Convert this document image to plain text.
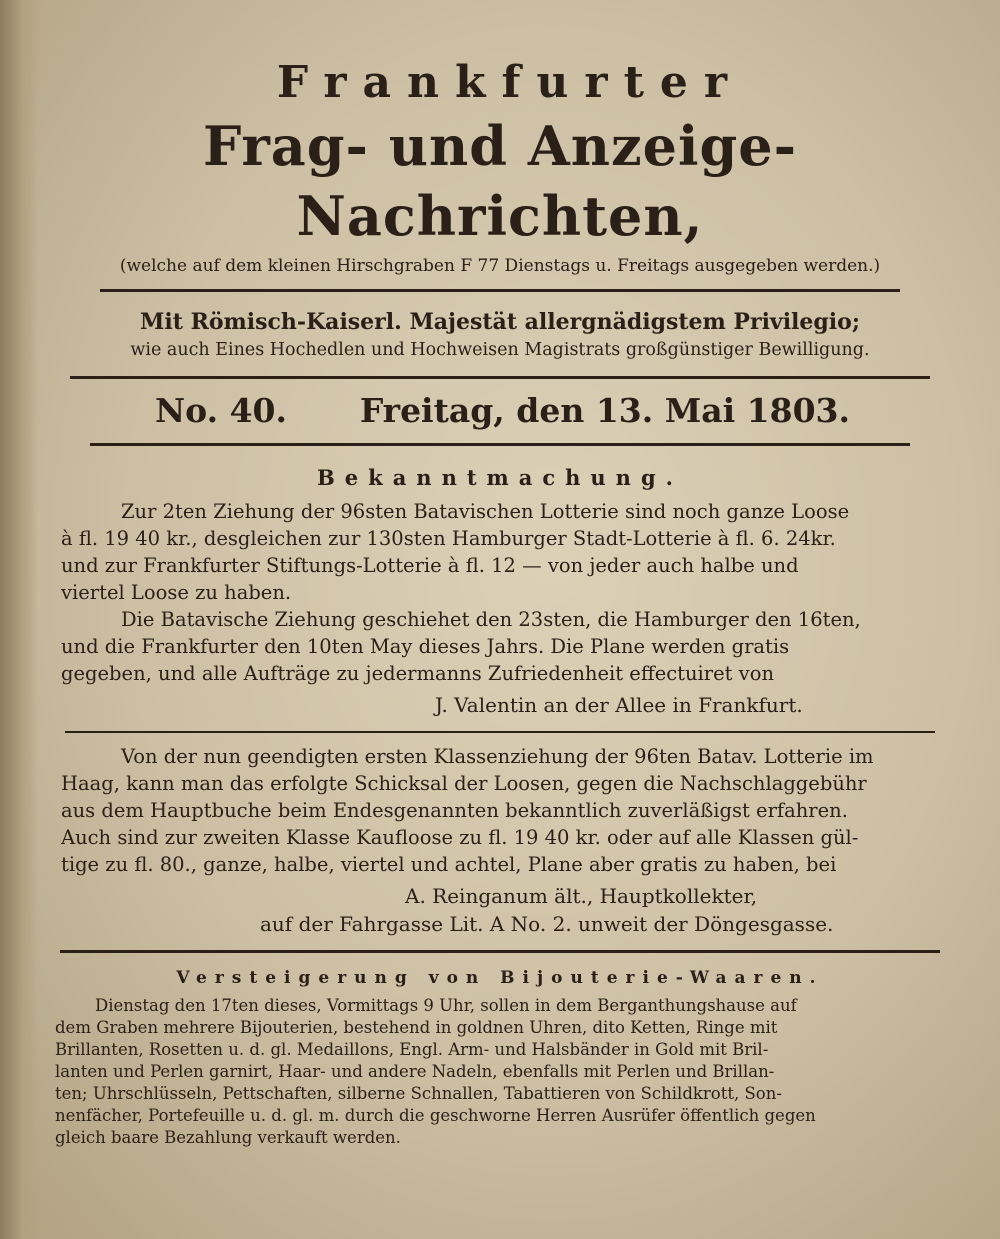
Frankfurter

Frag- und Anzeige-Nachrichten,

(welche auf dem kleinen Hirschgraben F 77 Dienstags u. Freitags ausgegeben werden.)

Mit Römisch-Kaiserl. Majestät allergnädigstem Privilegio;

wie auch Eines Hochedlen und Hochweisen Magistrats großgünstiger Bewilligung.

No. 40. Freitag, den 13. Mai 1803.

Bekanntmachung.

Zur 2ten Ziehung der 96sten Batavischen Lotterie sind noch ganze Loose
à fl. 19 40 kr., desgleichen zur 130sten Hamburger Stadt-Lotterie à fl. 6. 24kr.
und zur Frankfurter Stiftungs-Lotterie à fl. 12 — von jeder auch halbe und
viertel Loose zu haben.

Die Batavische Ziehung geschiehet den 23sten, die Hamburger den 16ten,
und die Frankfurter den 10ten May dieses Jahrs. Die Plane werden gratis
gegeben, und alle Aufträge zu jedermanns Zufriedenheit effectuiret von

J. Valentin an der Allee in Frankfurt.

Von der nun geendigten ersten Klassenziehung der 96ten Batav. Lotterie im
Haag, kann man das erfolgte Schicksal der Loosen, gegen die Nachschlaggebühr
aus dem Hauptbuche beim Endesgenannten bekanntlich zuverläßigst erfahren.
Auch sind zur zweiten Klasse Kaufloose zu fl. 19 40 kr. oder auf alle Klassen gül-
tige zu fl. 80., ganze, halbe, viertel und achtel, Plane aber gratis zu haben, bei

A. Reinganum ält., Hauptkollekter,

auf der Fahrgasse Lit. A No. 2. unweit der Döngesgasse.

Versteigerung von Bijouterie-Waaren.

Dienstag den 17ten dieses, Vormittags 9 Uhr, sollen in dem Berganthungshause auf
dem Graben mehrere Bijouterien, bestehend in goldnen Uhren, dito Ketten, Ringe mit
Brillanten, Rosetten u. d. gl. Medaillons, Engl. Arm- und Halsbänder in Gold mit Bril-
lanten und Perlen garnirt, Haar- und andere Nadeln, ebenfalls mit Perlen und Brillan-
ten; Uhrschlüsseln, Pettschaften, silberne Schnallen, Tabattieren von Schildkrott, Son-
nenfächer, Portefeuille u. d. gl. m. durch die geschworne Herren Ausrüfer öffentlich gegen
gleich baare Bezahlung verkauft werden.
